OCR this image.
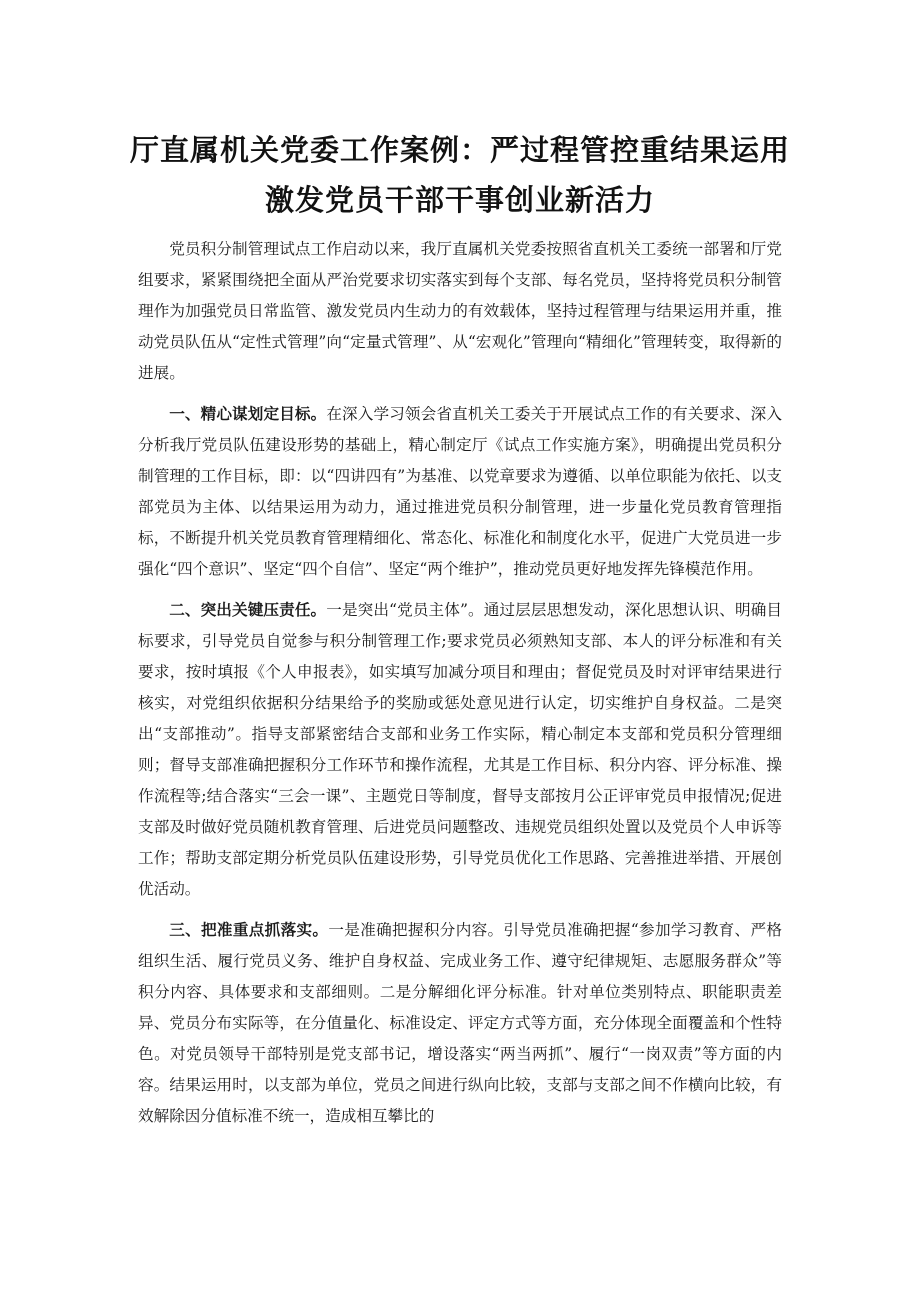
厅直属机关党委工作案例：严过程管控重结果运用
激发党员干部干事创业新活力

党员积分制管理试点工作启动以来，我厅直属机关党委按照省直机关工委统一部署和厅党组要求，紧紧围绕把全面从严治党要求切实落实到每个支部、每名党员，坚持将党员积分制管理作为加强党员日常监管、激发党员内生动力的有效载体，坚持过程管理与结果运用并重，推动党员队伍从“定性式管理”向“定量式管理”、从“宏观化”管理向“精细化”管理转变，取得新的进展。

一、精心谋划定目标。在深入学习领会省直机关工委关于开展试点工作的有关要求、深入分析我厅党员队伍建设形势的基础上，精心制定厅《试点工作实施方案》，明确提出党员积分制管理的工作目标，即：以“四讲四有”为基准、以党章要求为遵循、以单位职能为依托、以支部党员为主体、以结果运用为动力，通过推进党员积分制管理，进一步量化党员教育管理指标，不断提升机关党员教育管理精细化、常态化、标准化和制度化水平，促进广大党员进一步强化“四个意识”、坚定“四个自信”、坚定“两个维护”，推动党员更好地发挥先锋模范作用。

二、突出关键压责任。一是突出“党员主体”。通过层层思想发动，深化思想认识、明确目标要求，引导党员自觉参与积分制管理工作;要求党员必须熟知支部、本人的评分标准和有关要求，按时填报《个人申报表》，如实填写加减分项目和理由；督促党员及时对评审结果进行核实，对党组织依据积分结果给予的奖励或惩处意见进行认定，切实维护自身权益。二是突出“支部推动”。指导支部紧密结合支部和业务工作实际，精心制定本支部和党员积分管理细则；督导支部准确把握积分工作环节和操作流程，尤其是工作目标、积分内容、评分标准、操作流程等;结合落实“三会一课”、主题党日等制度，督导支部按月公正评审党员申报情况;促进支部及时做好党员随机教育管理、后进党员问题整改、违规党员组织处置以及党员个人申诉等工作；帮助支部定期分析党员队伍建设形势，引导党员优化工作思路、完善推进举措、开展创优活动。

三、把准重点抓落实。一是准确把握积分内容。引导党员准确把握“参加学习教育、严格组织生活、履行党员义务、维护自身权益、完成业务工作、遵守纪律规矩、志愿服务群众”等积分内容、具体要求和支部细则。二是分解细化评分标准。针对单位类别特点、职能职责差异、党员分布实际等，在分值量化、标准设定、评定方式等方面，充分体现全面覆盖和个性特色。对党员领导干部特别是党支部书记，增设落实“两当两抓”、履行“一岗双责”等方面的内容。结果运用时，以支部为单位，党员之间进行纵向比较，支部与支部之间不作横向比较，有效解除因分值标准不统一，造成相互攀比的
